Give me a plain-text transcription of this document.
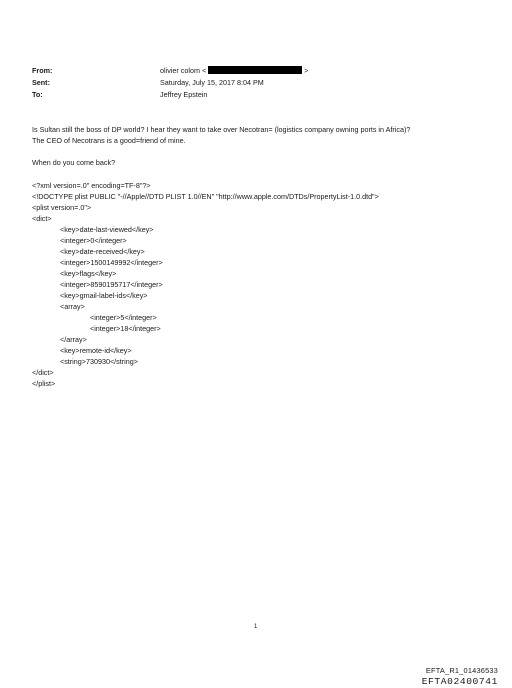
From:	olivier colom <	>
Sent:	Saturday, July 15, 2017 8:04 PM
To:	Jeffrey Epstein
Is Sultan still the boss of DP world? I hear they want to take over Necotran= (logistics company owning ports in Africa)?
The CEO of Necotrans is a good=friend of mine.
When do you come back?
<?xml version=.0" encoding=TF-8"?>
<!DOCTYPE plist PUBLIC "-//Apple//DTD PLIST 1.0//EN" "http://www.apple.com/DTDs/PropertyList-1.0.dtd">
<plist version=.0">
<dict>
<key>date-last-viewed</key>
<integer>0</integer>
<key>date-received</key>
<integer>1500149992</integer>
<key>flags</key>
<integer>8590195717</integer>
<key>gmail-label-ids</key>
<array>
<integer>5</integer>
<integer>18</integer>
</array>
<key>remote-id</key>
<string>730930</string>
</dict>
</plist>
1
EFTA_R1_01436533
EFTA02400741
